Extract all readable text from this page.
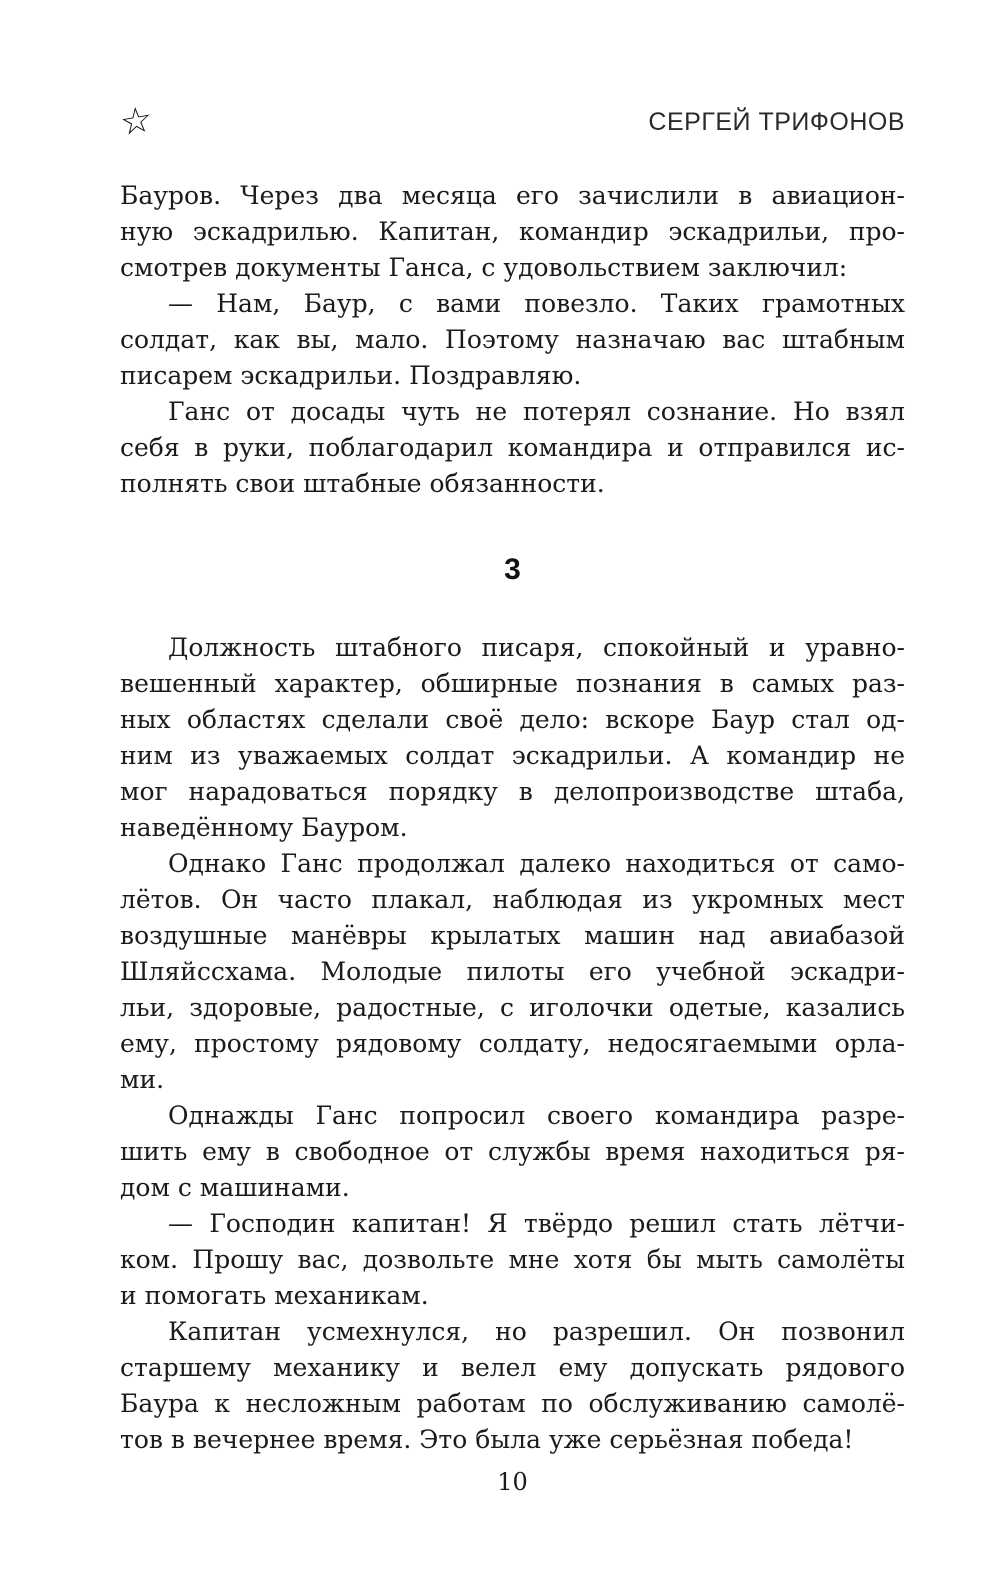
☆	СЕРГЕЙ ТРИФОНОВ
Бауров. Через два месяца его зачислили в авиацион-
ную эскадрилью. Капитан, командир эскадрильи, про-
смотрев документы Ганса, с удовольствием заключил:
— Нам, Баур, с вами повезло. Таких грамотных
солдат, как вы, мало. Поэтому назначаю вас штабным
писарем эскадрильи. Поздравляю.
Ганс от досады чуть не потерял сознание. Но взял
себя в руки, поблагодарил командира и отправился ис-
полнять свои штабные обязанности.
3
Должность штабного писаря, спокойный и уравно-
вешенный характер, обширные познания в самых раз-
ных областях сделали своё дело: вскоре Баур стал од-
ним из уважаемых солдат эскадрильи. А командир не
мог нарадоваться порядку в делопроизводстве штаба,
наведённому Бауром.
Однако Ганс продолжал далеко находиться от само-
лётов. Он часто плакал, наблюдая из укромных мест
воздушные манёвры крылатых машин над авиабазой
Шляйссхама. Молодые пилоты его учебной эскадри-
льи, здоровые, радостные, с иголочки одетые, казались
ему, простому рядовому солдату, недосягаемыми орла-
ми.
Однажды Ганс попросил своего командира разре-
шить ему в свободное от службы время находиться ря-
дом с машинами.
— Господин капитан! Я твёрдо решил стать лётчи-
ком. Прошу вас, дозвольте мне хотя бы мыть самолёты
и помогать механикам.
Капитан усмехнулся, но разрешил. Он позвонил
старшему механику и велел ему допускать рядового
Баура к несложным работам по обслуживанию самолё-
тов в вечернее время. Это была уже серьёзная победа!
10
